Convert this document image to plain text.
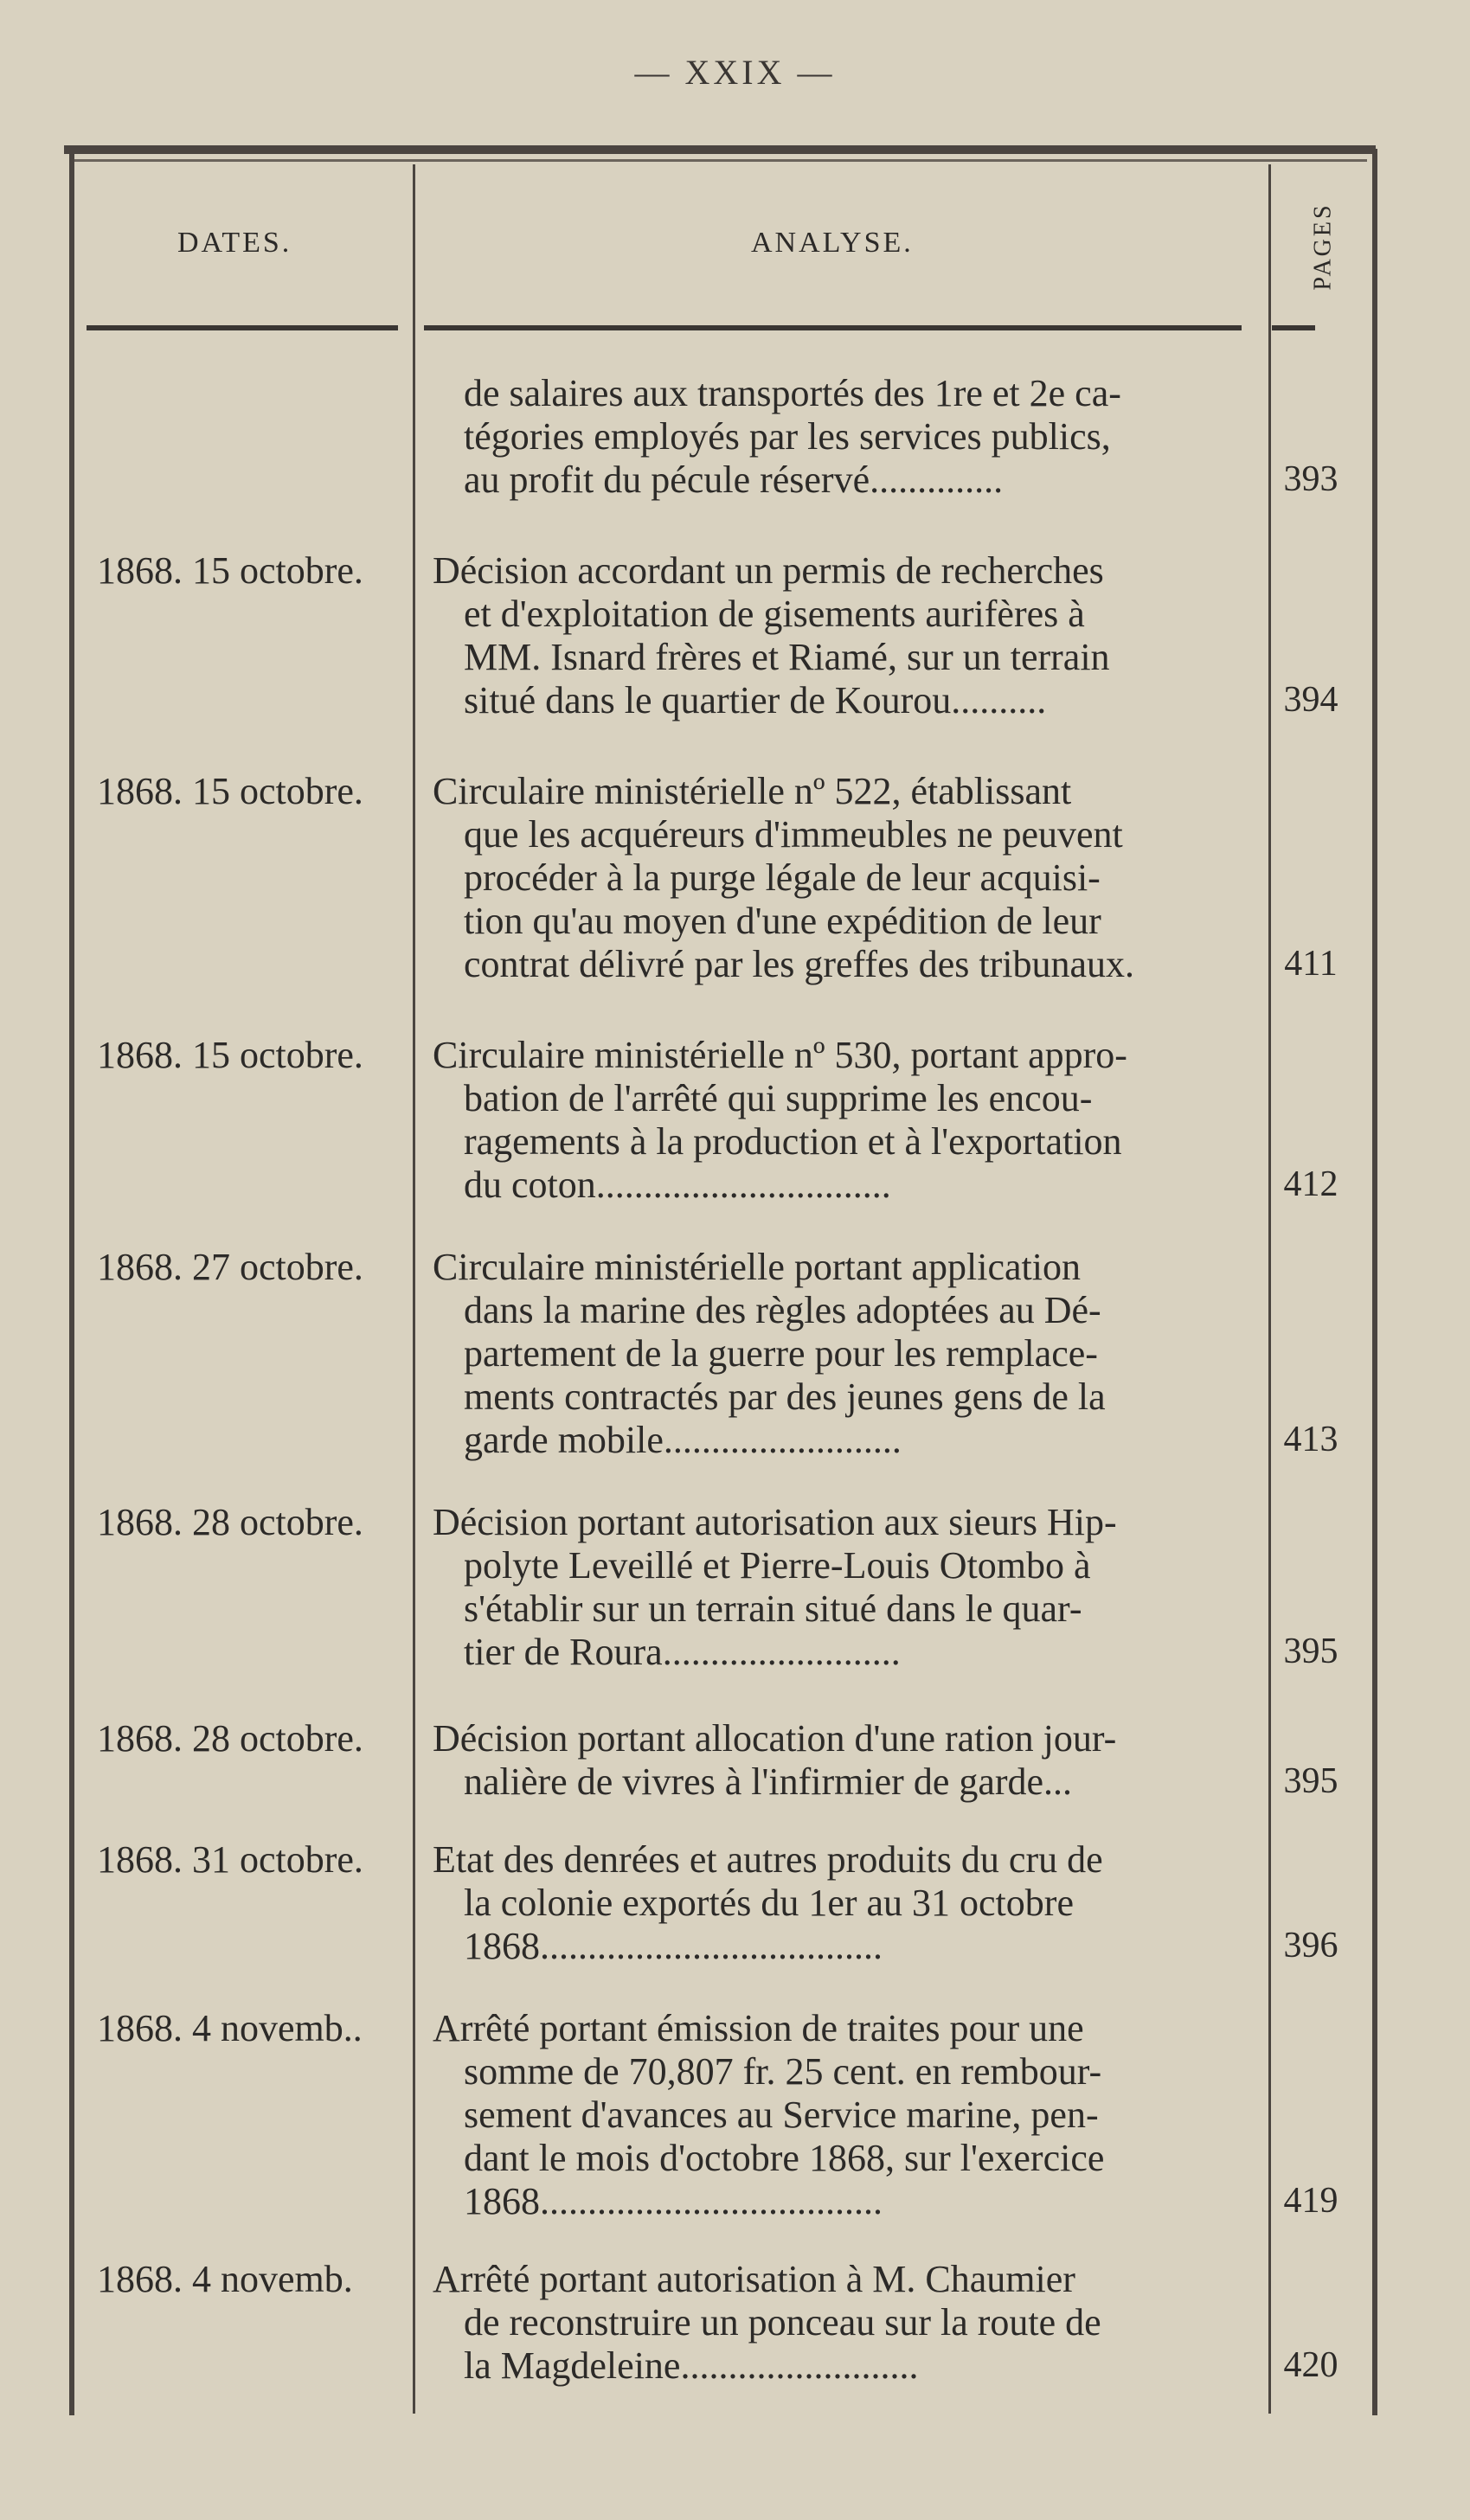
— XXIX —
DATES.	ANALYSE.	PAGES
de salaires aux transportés des 1re et 2e ca-
tégories employés par les services publics,
au profit du pécule réservé..............	393
1868. 15 octobre.	Décision accordant un permis de recherches
et d'exploitation de gisements aurifères à
MM. Isnard frères et Riamé, sur un terrain
situé dans le quartier de Kourou..........	394
1868. 15 octobre.	Circulaire ministérielle nº 522, établissant
que les acquéreurs d'immeubles ne peuvent
procéder à la purge légale de leur acquisi-
tion qu'au moyen d'une expédition de leur
contrat délivré par les greffes des tribunaux.	411
1868. 15 octobre.	Circulaire ministérielle nº 530, portant appro-
bation de l'arrêté qui supprime les encou-
ragements à la production et à l'exportation
du coton...............................	412
1868. 27 octobre.	Circulaire ministérielle portant application
dans la marine des règles adoptées au Dé-
partement de la guerre pour les remplace-
ments contractés par des jeunes gens de la
garde mobile.........................	413
1868. 28 octobre.	Décision portant autorisation aux sieurs Hip-
polyte Leveillé et Pierre-Louis Otombo à
s'établir sur un terrain situé dans le quar-
tier de Roura.........................	395
1868. 28 octobre.	Décision portant allocation d'une ration jour-
nalière de vivres à l'infirmier de garde...	395
1868. 31 octobre.	Etat des denrées et autres produits du cru de
la colonie exportés du 1er au 31 octobre
1868....................................	396
1868. 4 novemb..	Arrêté portant émission de traites pour une
somme de 70,807 fr. 25 cent. en rembour-
sement d'avances au Service marine, pen-
dant le mois d'octobre 1868, sur l'exercice
1868....................................	419
1868. 4 novemb.	Arrêté portant autorisation à M. Chaumier
de reconstruire un ponceau sur la route de
la Magdeleine.........................	420
